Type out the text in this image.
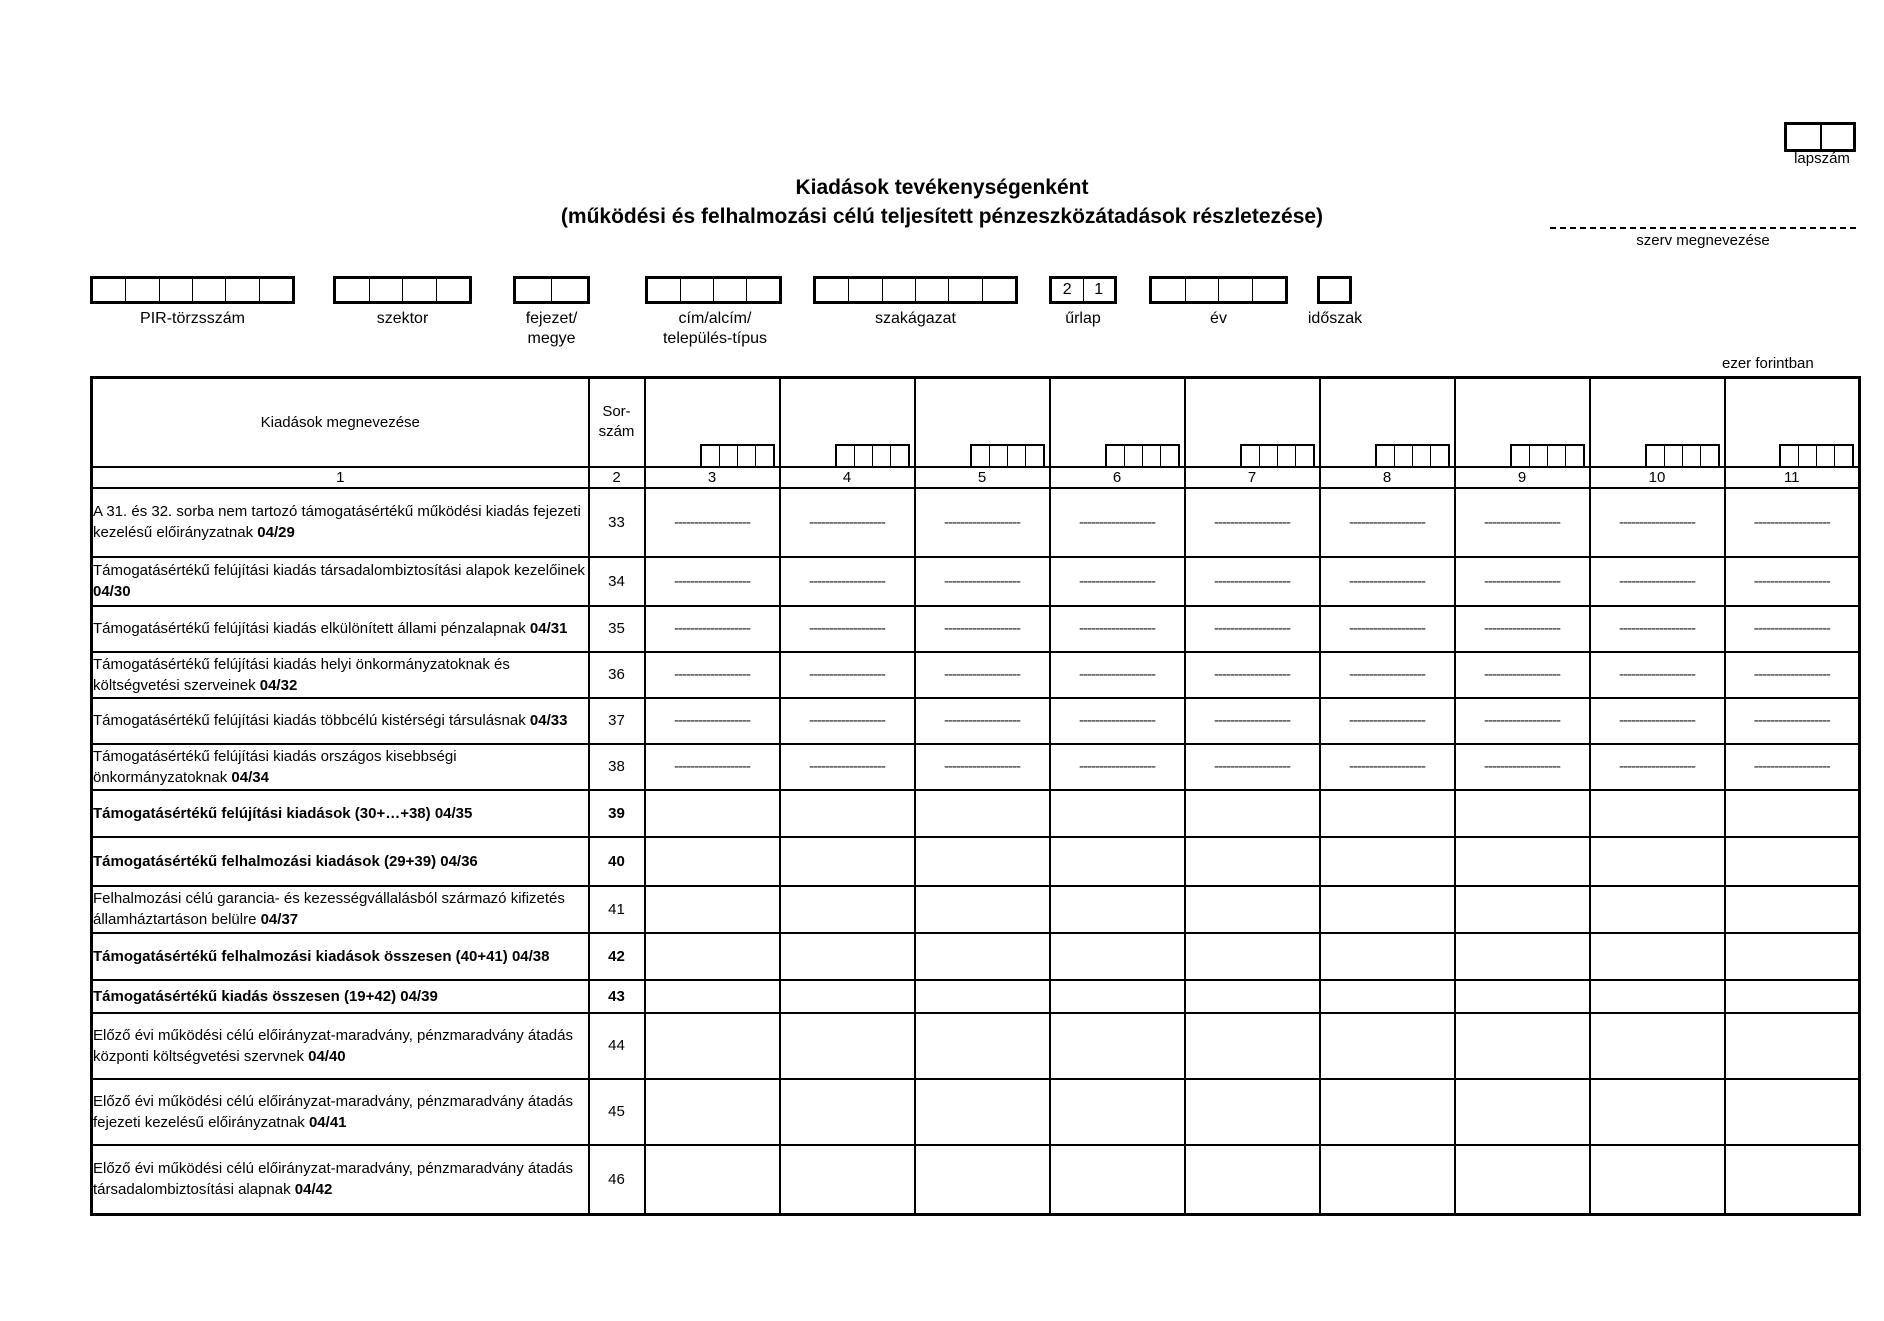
lapszám
Kiadások tevékenységenként
(működési és felhalmozási célú teljesített pénzeszközátadások részletezése)
szerv megnevezése
PIR-törzsszám	szektor	fejezet/
megye
cím/alcím/
település-típus
szakágazat
2	1
űrlap	év	időszak
ezer forintban
Kiadások megnevezése	Sor-
szám	

1	2	3	4	5	6	7	8	9	10	11
A 31. és 32. sorba nem tartozó támogatásértékű működési kiadás fejezeti kezelésű előirányzatnak 04/29	33	-------------------	-------------------	-------------------	-------------------	-------------------	-------------------	-------------------	-------------------	-------------------
Támogatásértékű felújítási kiadás társadalombiztosítási alapok kezelőinek 04/30	34	-------------------	-------------------	-------------------	-------------------	-------------------	-------------------	-------------------	-------------------	-------------------
Támogatásértékű felújítási kiadás elkülönített állami pénzalapnak 04/31	35	-------------------	-------------------	-------------------	-------------------	-------------------	-------------------	-------------------	-------------------	-------------------
Támogatásértékű felújítási kiadás helyi önkormányzatoknak és költségvetési szerveinek 04/32	36	-------------------	-------------------	-------------------	-------------------	-------------------	-------------------	-------------------	-------------------	-------------------
Támogatásértékű felújítási kiadás többcélú kistérségi társulásnak 04/33	37	-------------------	-------------------	-------------------	-------------------	-------------------	-------------------	-------------------	-------------------	-------------------
Támogatásértékű felújítási kiadás országos kisebbségi önkormányzatoknak 04/34	38	-------------------	-------------------	-------------------	-------------------	-------------------	-------------------	-------------------	-------------------	-------------------
Támogatásértékű felújítási kiadások (30+…+38) 04/35	39									
Támogatásértékű felhalmozási kiadások (29+39) 04/36	40									
Felhalmozási célú garancia- és kezességvállalásból származó kifizetés államháztartáson belülre 04/37	41									
Támogatásértékű felhalmozási kiadások összesen (40+41) 04/38	42									
Támogatásértékű kiadás összesen (19+42) 04/39	43									
Előző évi működési célú előirányzat-maradvány, pénzmaradvány átadás központi költségvetési szervnek 04/40	44									
Előző évi működési célú előirányzat-maradvány, pénzmaradvány átadás fejezeti kezelésű előirányzatnak 04/41	45									
Előző évi működési célú előirányzat-maradvány, pénzmaradvány átadás társadalombiztosítási alapnak 04/42	46									
